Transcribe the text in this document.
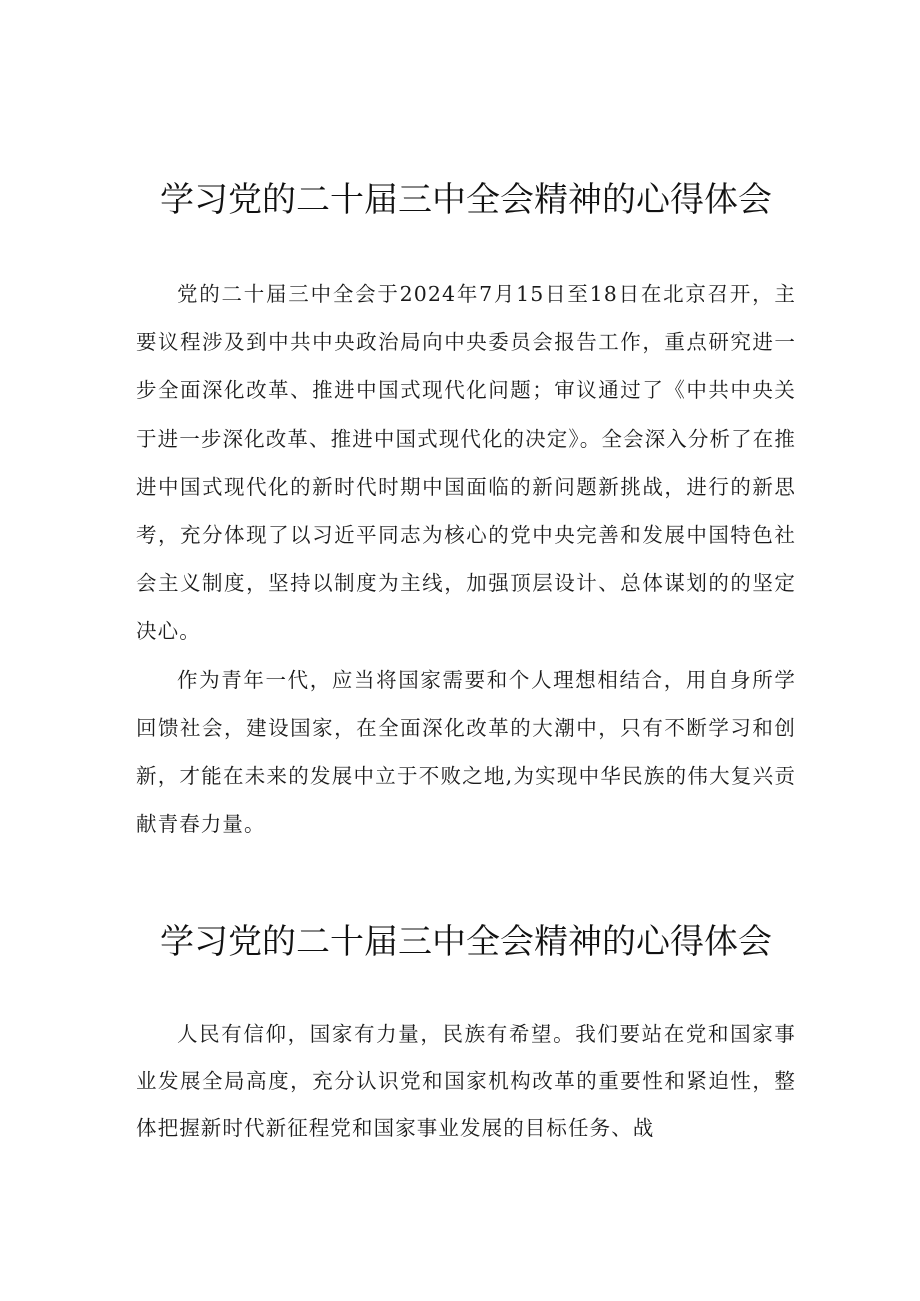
学习党的二十届三中全会精神的心得体会

党的二十届三中全会于2024年7月15日至18日在北京召开，主要议程涉及到中共中央政治局向中央委员会报告工作，重点研究进一步全面深化改革、推进中国式现代化问题；审议通过了《中共中央关于进一步深化改革、推进中国式现代化的决定》。全会深入分析了在推进中国式现代化的新时代时期中国面临的新问题新挑战，进行的新思考，充分体现了以习近平同志为核心的党中央完善和发展中国特色社会主义制度，坚持以制度为主线，加强顶层设计、总体谋划的的坚定决心。

作为青年一代，应当将国家需要和个人理想相结合，用自身所学回馈社会，建设国家，在全面深化改革的大潮中，只有不断学习和创新，才能在未来的发展中立于不败之地,为实现中华民族的伟大复兴贡献青春力量。

学习党的二十届三中全会精神的心得体会

人民有信仰，国家有力量，民族有希望。我们要站在党和国家事业发展全局高度，充分认识党和国家机构改革的重要性和紧迫性，整体把握新时代新征程党和国家事业发展的目标任务、战
